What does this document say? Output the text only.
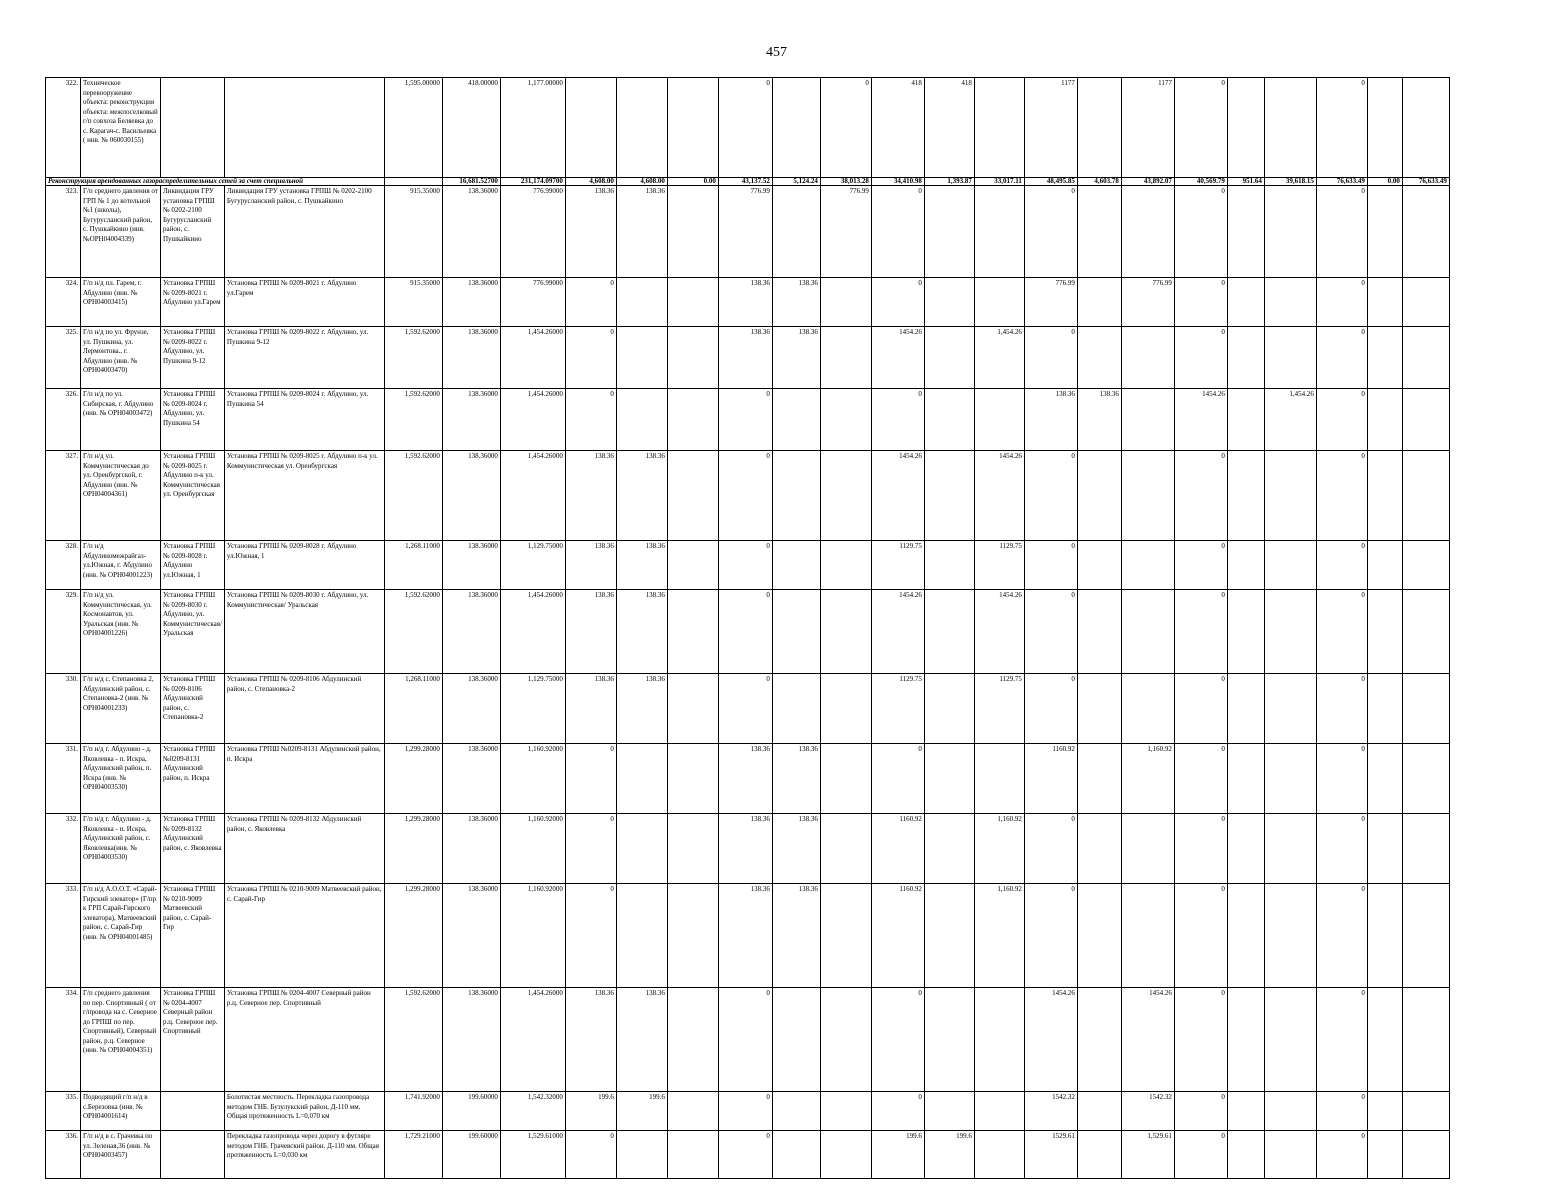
457
322.	Техническое перевооружение объекта: реконструкция объекта: межпоселковый г/п совхоза Беляевка до с. Карагач-с. Васильевка ( инв. № 060030155)			1,595.00000	418.00000	1,177.00000				0		0	418	418		1177		1177	0			0		
Реконструкция арендованных газораспределительных сетей за счет специальной					16,681.52700	231,174.09700	4,608.00	4,608.00	0.00	43,137.52	5,124.24	38,013.28	34,410.98	1,393.87	33,017.11	48,495.85	4,603.78	43,892.07	40,569.79	951.64	39,618.15	76,633.49	0.00	76,633.49
323.	Г/п среднего давления от ГРП № 1 до котельной №1 (школы), Бугурусланский район, с. Пушкайкино (инв. №ОРН04004339)	Ликвидация ГРУ установка ГРПШ № 0202-2100 Бугурусланский район, с. Пушкайкино	Ликвидация ГРУ установка ГРПШ № 0202-2100 Бугурусланский район, с. Пушкайкино	915.35000	138.36000	776.99000	138.36	138.36		776.99		776.99	0			0			0			0		
324.	Г/п н/д пл. Гарем, г. Абдулино (инв. № ОРН04003415)	Установка ГРПШ № 0209-8021 г. Абдулино ул.Гарем	Установка ГРПШ № 0209-8021 г. Абдулино ул.Гарем	915.35000	138.36000	776.99000	0			138.36	138.36		0			776.99		776.99	0			0		
325.	Г/п н/д по ул. Фрунзе, ул. Пушкина, ул. Лермонтова., г. Абдулино (инв. № ОРН04003470)	Установка ГРПШ № 0209-8022 г. Абдулино, ул. Пушкина 9-12	Установка ГРПШ № 0209-8022 г. Абдулино, ул. Пушкина 9-12	1,592.62000	138.36000	1,454.26000	0			138.36	138.36		1454.26		1,454.26	0			0			0		
326.	Г/п н/д по ул. Сибирская, г. Абдулино (инв. № ОРН04003472)	Установка ГРПШ № 0209-8024 г. Абдулино, ул. Пушкина 54	Установка ГРПШ № 0209-8024 г. Абдулино, ул. Пушкина 54	1,592.62000	138.36000	1,454.26000	0			0			0			138.36	138.36		1454.26		1,454.26	0		
327.	Г/п н/д ул. Коммунистическая до ул. Оренбургской, г. Абдулино (инв. № ОРН04004361)	Установка ГРПШ № 0209-8025 г. Абдулино п-к ул. Коммунистическая ул. Оренбургская	Установка ГРПШ № 0209-8025 г. Абдулино п-к ул. Коммунистическая ул. Оренбургская	1,592.62000	138.36000	1,454.26000	138.36	138.36		0			1454.26		1454.26	0			0			0		
328.	Г/п н/д Абдулиномежрайгаз-ул.Южная, г. Абдулино (инв. № ОРН04001223)	Установка ГРПШ № 0209-8028 г. Абдулино ул.Южная, 1	Установка ГРПШ № 0209-8028 г. Абдулино ул.Южная, 1	1,268.11000	138.36000	1,129.75000	138.36	138.36		0			1129.75		1129.75	0			0			0		
329.	Г/п н/д ул. Коммунистическая, ул. Космонавтов, ул. Уральская (инв. № ОРН04001226)	Установка ГРПШ № 0209-8030 г. Абдулино, ул. Коммунистическая/ Уральская	Установка ГРПШ № 0209-8030 г. Абдулино, ул. Коммунистическая/ Уральская	1,592.62000	138.36000	1,454.26000	138.36	138.36		0			1454.26		1454.26	0			0			0		
330.	Г/п н/д с. Степановка 2, Абдулинский район, с. Степановка-2 (инв. № ОРН04001233)	Установка ГРПШ № 0209-8106 Абдулинский район, с. Степановка-2	Установка ГРПШ № 0209-8106 Абдулинский район, с. Степановка-2	1,268.11000	138.36000	1,129.75000	138.36	138.36		0			1129.75		1129.75	0			0			0		
331.	Г/п н/д г. Абдулино - д. Яковлевка - п. Искра, Абдулинский район, п. Искра (инв. № ОРН04003530)	Установка ГРПШ №0209-8131 Абдулинский район, п. Искра	Установка ГРПШ №0209-8131 Абдулинский район, п. Искра	1,299.28000	138.36000	1,160.92000	0			138.36	138.36		0			1160.92		1,160.92	0			0		
332.	Г/п н/д г. Абдулино - д. Яковлевка - п. Искра, Абдулинский район, с. Яковлевка(инв. № ОРН04003530)	Установка ГРПШ № 0209-8132 Абдулинский район, с. Яковлевка	Установка ГРПШ № 0209-8132 Абдулинский район, с. Яковлевка	1,299.28000	138.36000	1,160.92000	0			138.36	138.36		1160.92		1,160.92	0			0			0		
333.	Г/п н/д А.О.О.Т. «Сарай-Гирский элеватор» (Г/пр к ГРП Сарай-Гирского элеватора), Матвеевский район, с. Сарай-Гир (инв. № ОРН04001485)	Установка ГРПШ № 0210-9009 Матвеевский район, с. Сарай-Гир	Установка ГРПШ № 0210-9009 Матвеевский район, с. Сарай-Гир	1,299.28000	138.36000	1,160.92000	0			138.36	138.36		1160.92		1,160.92	0			0			0		
334.	Г/п среднего давления по пер. Спортивный ( от г/провода на с. Северное до ГРПШ по пер. Спортивный), Северный район, р.ц. Северное (инв. № ОРН04004351)	Установка ГРПШ № 0204-4007 Северный район р.ц. Северное пер. Спортивный	Установка ГРПШ № 0204-4007 Северный район р.ц. Северное пер. Спортивный	1,592.62000	138.36000	1,454.26000	138.36	138.36		0			0			1454.26		1454.26	0			0		
335.	Подводящий г/п н/д в с.Березовка (инв. № ОРН04001614)		Болотистая местность. Перекладка газопровода методом ГНБ. Бузулукский район, Д-110 мм. Общая протяженность L=0,070 км	1,741.92000	199.60000	1,542.32000	199.6	199.6		0			0			1542.32		1542.32	0			0		
336.	Г/п н/д в с. Грачевка по ул. Зеленая,36 (инв. № ОРН04003457)		Перекладка газопровода через дорогу в футляре методом ГНБ. Грачевский район. Д-110 мм. Общая протяженность L=0,030 км	1,729.21000	199.60000	1,529.61000	0			0			199.6	199.6		1529.61		1,529.61	0			0		
